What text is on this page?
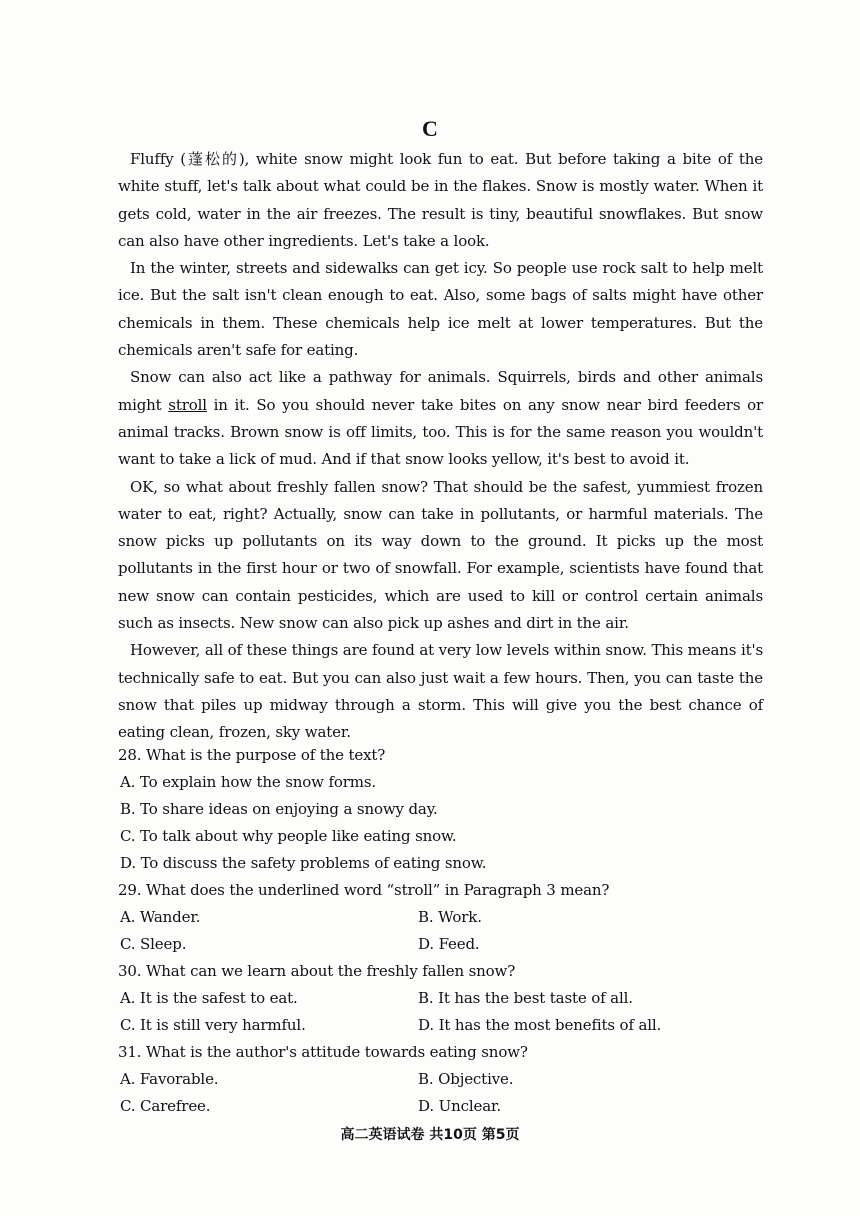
C

Fluffy (蓬松的), white snow might look fun to eat. But before taking a bite of the white stuff, let's talk about what could be in the flakes. Snow is mostly water. When it gets cold, water in the air freezes. The result is tiny, beautiful snowflakes. But snow can also have other ingredients. Let's take a look.

In the winter, streets and sidewalks can get icy. So people use rock salt to help melt ice. But the salt isn't clean enough to eat. Also, some bags of salts might have other chemicals in them. These chemicals help ice melt at lower temperatures. But the chemicals aren't safe for eating.

Snow can also act like a pathway for animals. Squirrels, birds and other animals might stroll in it. So you should never take bites on any snow near bird feeders or animal tracks. Brown snow is off limits, too. This is for the same reason you wouldn't want to take a lick of mud. And if that snow looks yellow, it's best to avoid it.

OK, so what about freshly fallen snow? That should be the safest, yummiest frozen water to eat, right? Actually, snow can take in pollutants, or harmful materials. The snow picks up pollutants on its way down to the ground. It picks up the most pollutants in the first hour or two of snowfall. For example, scientists have found that new snow can contain pesticides, which are used to kill or control certain animals such as insects. New snow can also pick up ashes and dirt in the air.

However, all of these things are found at very low levels within snow. This means it's technically safe to eat. But you can also just wait a few hours. Then, you can taste the snow that piles up midway through a storm. This will give you the best chance of eating clean, frozen, sky water.

28. What is the purpose of the text?
A. To explain how the snow forms.
B. To share ideas on enjoying a snowy day.
C. To talk about why people like eating snow.
D. To discuss the safety problems of eating snow.
29. What does the underlined word “stroll” in Paragraph 3 mean?
A. Wander.	B. Work.
C. Sleep.	D. Feed.
30. What can we learn about the freshly fallen snow?
A. It is the safest to eat.	B. It has the best taste of all.
C. It is still very harmful.	D. It has the most benefits of all.
31. What is the author's attitude towards eating snow?
A. Favorable.	B. Objective.
C. Carefree.	D. Unclear.
高二英语试卷 共10页 第5页
